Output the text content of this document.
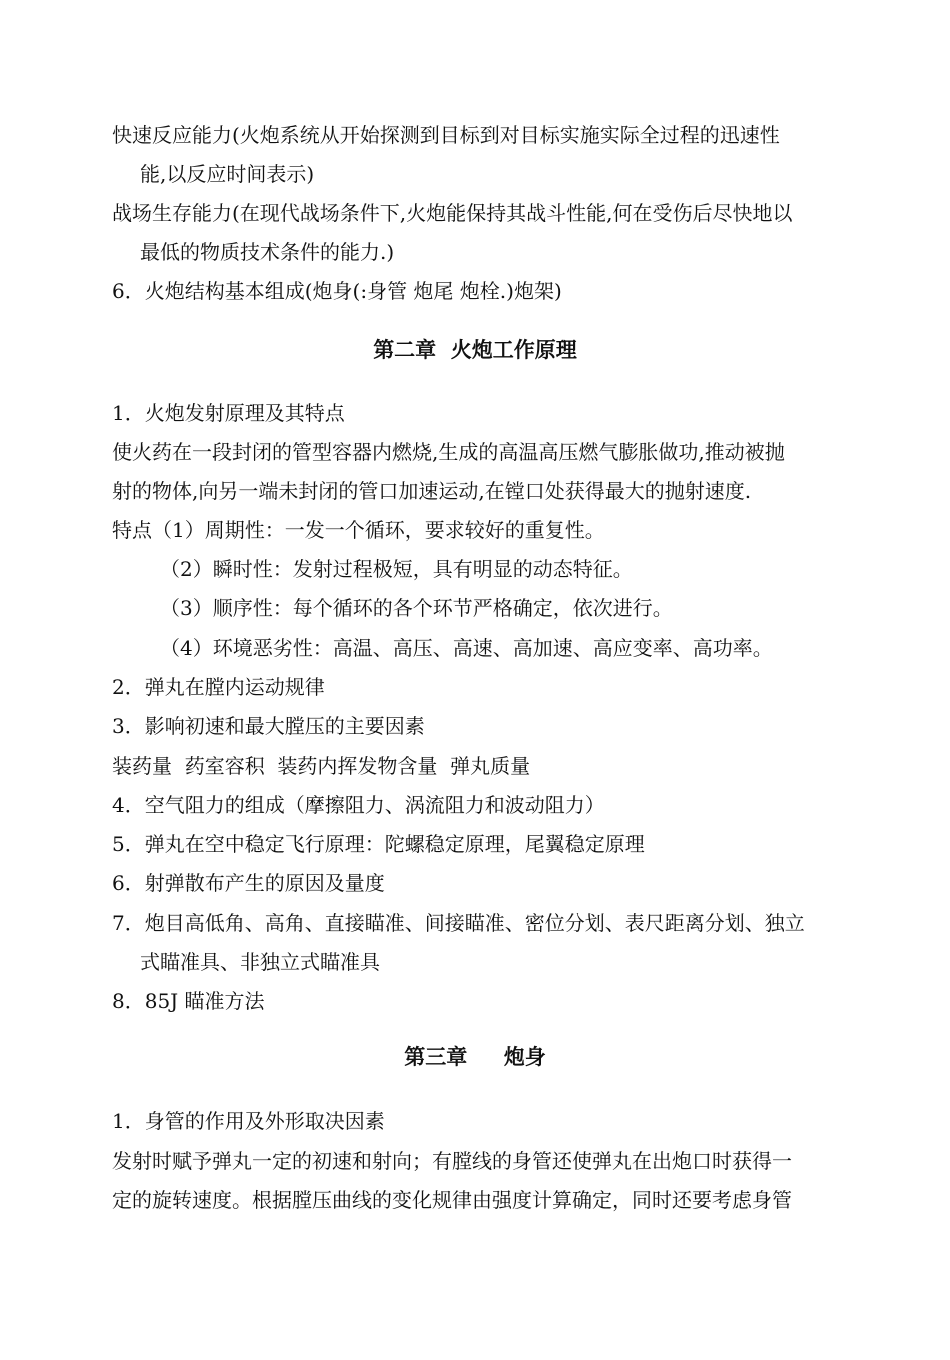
快速反应能力(火炮系统从开始探测到目标到对目标实施实际全过程的迅速性
能,以反应时间表示)
战场生存能力(在现代战场条件下,火炮能保持其战斗性能,何在受伤后尽快地以
最低的物质技术条件的能力.)
6．火炮结构基本组成(炮身(:身管 炮尾 炮栓.)炮架)
第二章  火炮工作原理
1．火炮发射原理及其特点
使火药在一段封闭的管型容器内燃烧,生成的高温高压燃气膨胀做功,推动被抛
射的物体,向另一端未封闭的管口加速运动,在镗口处获得最大的抛射速度.
特点（1）周期性：一发一个循环，要求较好的重复性。
（2）瞬时性：发射过程极短，具有明显的动态特征。
（3）顺序性：每个循环的各个环节严格确定，依次进行。
（4）环境恶劣性：高温、高压、高速、高加速、高应变率、高功率。
2．弹丸在膛内运动规律
3．影响初速和最大膛压的主要因素
装药量  药室容积  装药内挥发物含量  弹丸质量
4．空气阻力的组成（摩擦阻力、涡流阻力和波动阻力）
5．弹丸在空中稳定飞行原理：陀螺稳定原理，尾翼稳定原理
6．射弹散布产生的原因及量度
7．炮目高低角、高角、直接瞄准、间接瞄准、密位分划、表尺距离分划、独立
式瞄准具、非独立式瞄准具
8．85J 瞄准方法
第三章     炮身
1．身管的作用及外形取决因素
发射时赋予弹丸一定的初速和射向；有膛线的身管还使弹丸在出炮口时获得一
定的旋转速度。根据膛压曲线的变化规律由强度计算确定，同时还要考虑身管
